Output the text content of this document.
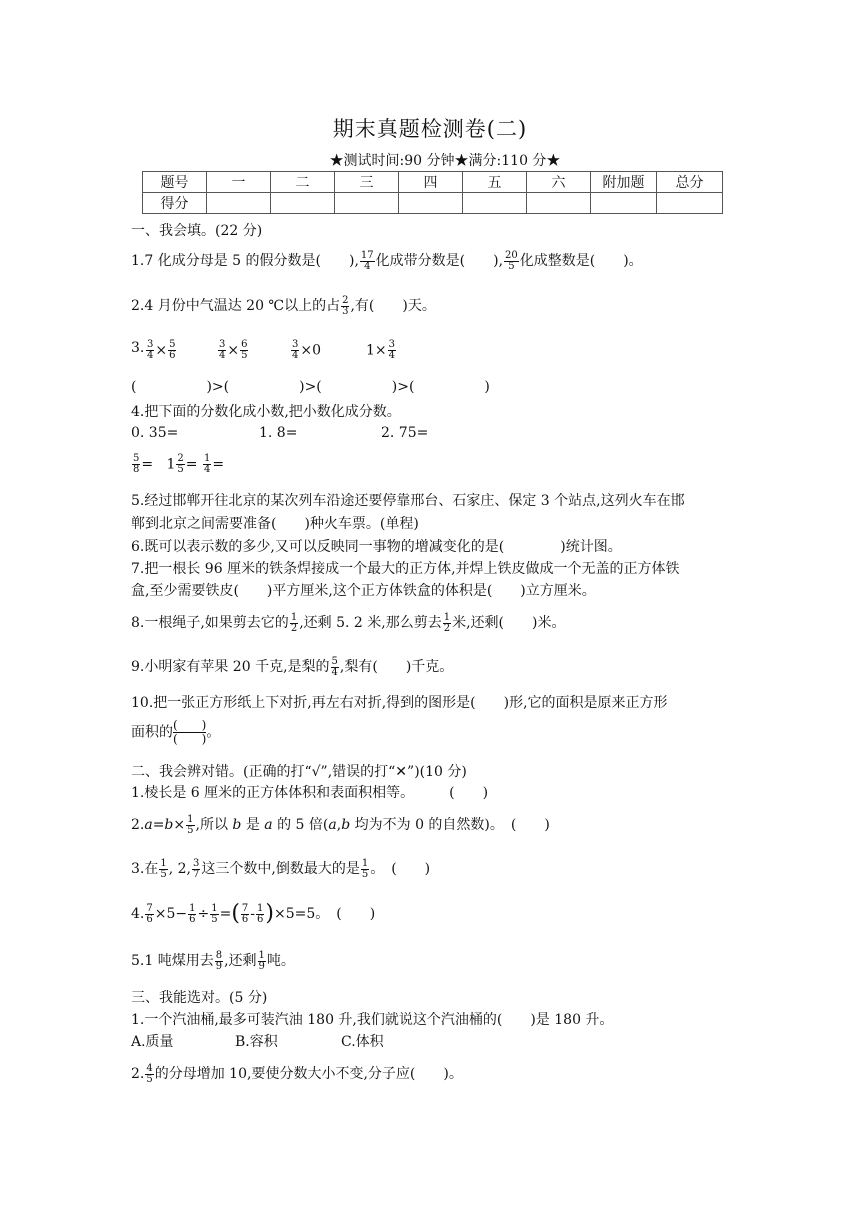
期末真题检测卷(二)
★测试时间:90 分钟★满分:110 分★
题号	一	二	三	四	五	六	附加题	总分
得分								
一、我会填。(22 分)
1.7 化成分母是 5 的假分数是(　　), $\frac{17}{4}$ 化成带分数是(　　), $\frac{20}{5}$ 化成整数是(　　)。
2.4 月份中气温达 20 ℃以上的占 $\frac{2}{3}$ ,有(　　)天。
3. $\frac{3}{4} \times \frac{5}{6}$	$\frac{3}{4} \times \frac{6}{5}$	$\frac{3}{4} \times 0$	$1\times \frac{3}{4}$
(　　　　　)>(　　　　　)>(　　　　　)>(　　　　　)
4.把下面的分数化成小数,把小数化成分数。
0. 35=	1. 8=	2. 75=
$\frac{5}{8} = 1 \frac{2}{5} = \frac{1}{4}$ =
5.经过邯郸开往北京的某次列车沿途还要停靠邢台、石家庄、保定 3 个站点,这列火车在邯
郸到北京之间需要准备(　　)种火车票。(单程)
6.既可以表示数的多少,又可以反映同一事物的增减变化的是(　　　　)统计图。
7.把一根长 96 厘米的铁条焊接成一个最大的正方体,并焊上铁皮做成一个无盖的正方体铁
盒,至少需要铁皮(　　)平方厘米,这个正方体铁盒的体积是(　　)立方厘米。
8.一根绳子,如果剪去它的 $\frac{1}{2}$ ,还剩 5. 2 米,那么剪去 $\frac{1}{2}$ 米,还剩(　　)米。
9.小明家有苹果 20 千克,是梨的 $\frac{5}{4}$ ,梨有(　　)千克。
10.把一张正方形纸上下对折,再左右对折,得到的图形是(　　)形,它的面积是原来正方形
面积的 $\frac{( )}{( )}$ 。
二、我会辨对错。(正确的打“√”,错误的打“✕”)(10 分)
1.棱长是 6 厘米的正方体体积和表面积相等。　　　(　　)
$2.a=b\times \frac{1}{5}$ ,所以 b 是 a 的 5 倍(a,b 均为不为 0 的自然数)。　(　　)
3.在 $\frac{1}{5}$ , 2, $\frac{3}{7}$ 这三个数中,倒数最大的是 $\frac{1}{5}$ 。　(　　)
4. $\frac{7}{6} \times 5- \frac{1}{6} \div \frac{1}{5}$ =( $\frac{7}{6} - \frac{1}{6} )\times 5=5$。　(　　)
5.1 吨煤用去 $\frac{8}{9}$ ,还剩 $\frac{1}{9}$ 吨。
三、我能选对。(5 分)
1.一个汽油桶,最多可装汽油 180 升,我们就说这个汽油桶的(　　)是 180 升。
A.质量	B.容积	C.体积
2. $\frac{4}{5}$ 的分母增加 10,要使分数大小不变,分子应(　　)。
